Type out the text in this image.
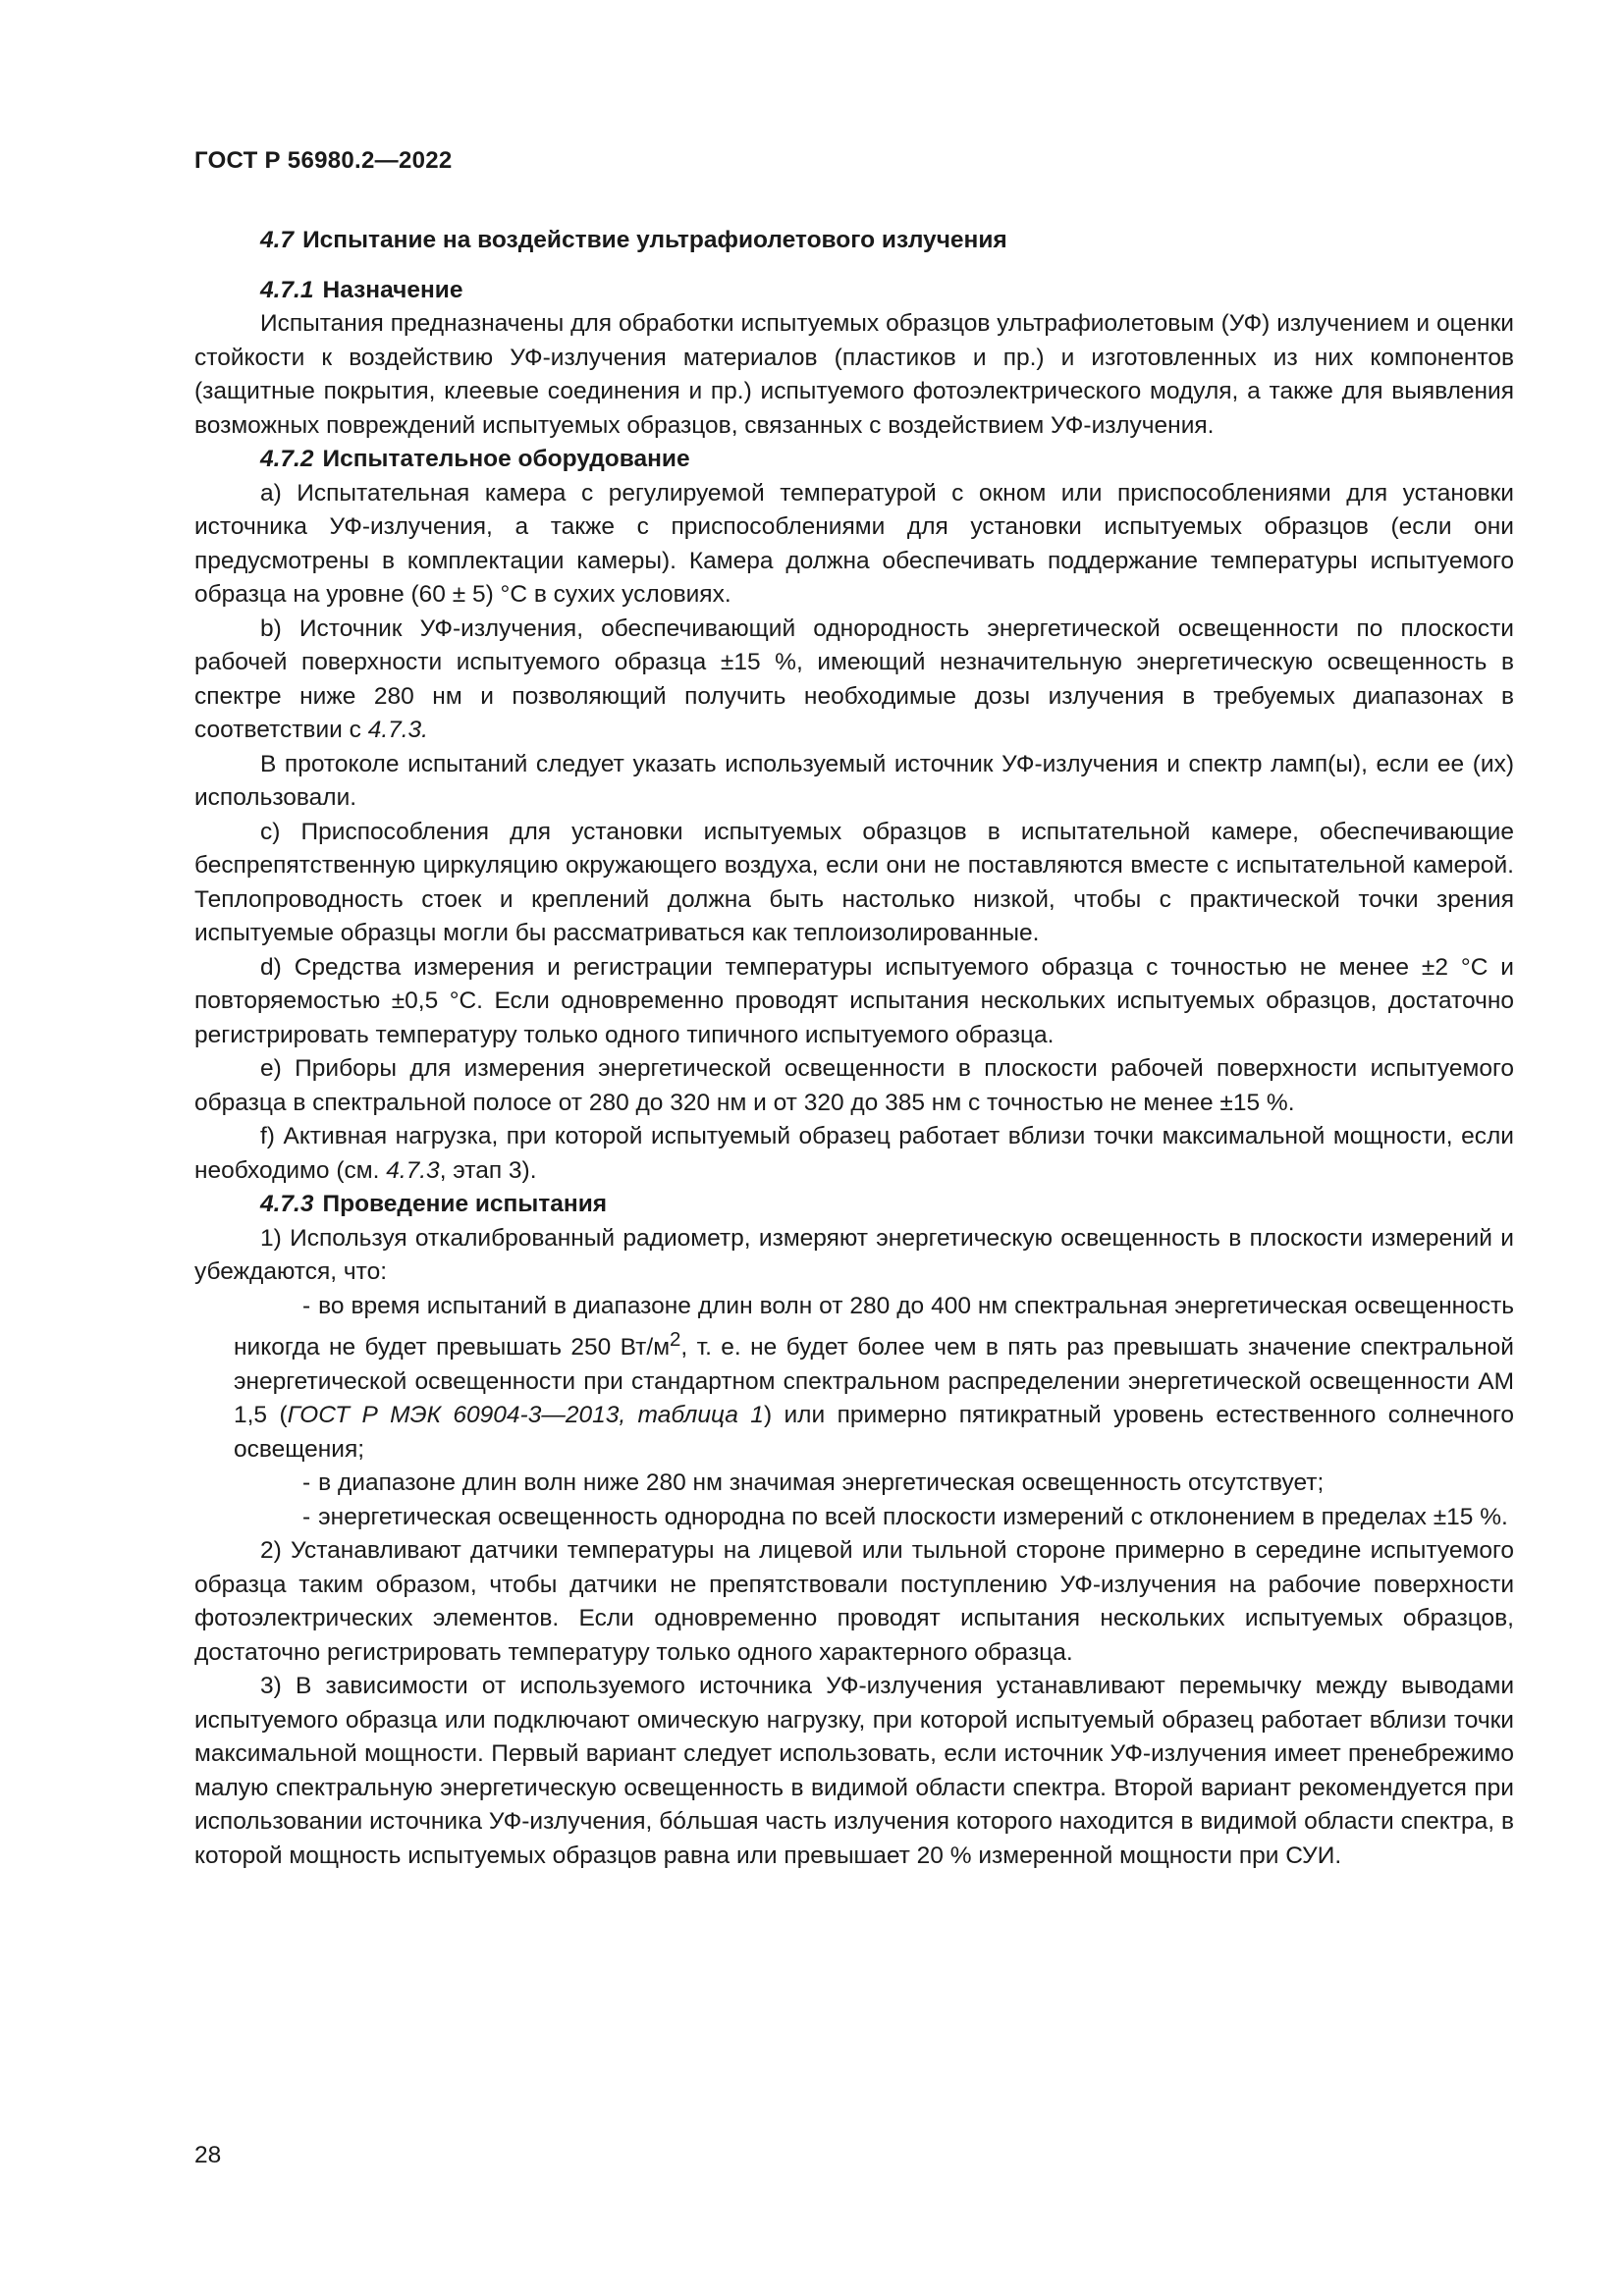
ГОСТ Р 56980.2—2022

4.7 Испытание на воздействие ультрафиолетового излучения

4.7.1 Назначение

Испытания предназначены для обработки испытуемых образцов ультрафиолетовым (УФ) излучением и оценки стойкости к воздействию УФ-излучения материалов (пластиков и пр.) и изготовленных из них компонентов (защитные покрытия, клеевые соединения и пр.) испытуемого фотоэлектрического модуля, а также для выявления возможных повреждений испытуемых образцов, связанных с воздействием УФ-излучения.

4.7.2 Испытательное оборудование

а) Испытательная камера с регулируемой температурой с окном или приспособлениями для установки источника УФ-излучения, а также с приспособлениями для установки испытуемых образцов (если они предусмотрены в комплектации камеры). Камера должна обеспечивать поддержание температуры испытуемого образца на уровне (60 ± 5) °С в сухих условиях.

b) Источник УФ-излучения, обеспечивающий однородность энергетической освещенности по плоскости рабочей поверхности испытуемого образца ±15 %, имеющий незначительную энергетическую освещенность в спектре ниже 280 нм и позволяющий получить необходимые дозы излучения в требуемых диапазонах в соответствии с 4.7.3.

В протоколе испытаний следует указать используемый источник УФ-излучения и спектр ламп(ы), если ее (их) использовали.

c) Приспособления для установки испытуемых образцов в испытательной камере, обеспечивающие беспрепятственную циркуляцию окружающего воздуха, если они не поставляются вместе с испытательной камерой. Теплопроводность стоек и креплений должна быть настолько низкой, чтобы с практической точки зрения испытуемые образцы могли бы рассматриваться как теплоизолированные.

d) Средства измерения и регистрации температуры испытуемого образца с точностью не менее ±2 °С и повторяемостью ±0,5 °С. Если одновременно проводят испытания нескольких испытуемых образцов, достаточно регистрировать температуру только одного типичного испытуемого образца.

е) Приборы для измерения энергетической освещенности в плоскости рабочей поверхности испытуемого образца в спектральной полосе от 280 до 320 нм и от 320 до 385 нм с точностью не менее ±15 %.

f) Активная нагрузка, при которой испытуемый образец работает вблизи точки максимальной мощности, если необходимо (см. 4.7.3, этап 3).

4.7.3 Проведение испытания

1) Используя откалиброванный радиометр, измеряют энергетическую освещенность в плоскости измерений и убеждаются, что:

- во время испытаний в диапазоне длин волн от 280 до 400 нм спектральная энергетическая освещенность никогда не будет превышать 250 $Вт/м^2$, т. е. не будет более чем в пять раз превышать значение спектральной энергетической освещенности при стандартном спектральном распределении энергетической освещенности АМ 1,5 (ГОСТ Р МЭК 60904-3—2013, таблица 1) или примерно пятикратный уровень естественного солнечного освещения;

- в диапазоне длин волн ниже 280 нм значимая энергетическая освещенность отсутствует;

- энергетическая освещенность однородна по всей плоскости измерений с отклонением в пределах ±15 %.

2) Устанавливают датчики температуры на лицевой или тыльной стороне примерно в середине испытуемого образца таким образом, чтобы датчики не препятствовали поступлению УФ-излучения на рабочие поверхности фотоэлектрических элементов. Если одновременно проводят испытания нескольких испытуемых образцов, достаточно регистрировать температуру только одного характерного образца.

3) В зависимости от используемого источника УФ-излучения устанавливают перемычку между выводами испытуемого образца или подключают омическую нагрузку, при которой испытуемый образец работает вблизи точки максимальной мощности. Первый вариант следует использовать, если источник УФ-излучения имеет пренебрежимо малую спектральную энергетическую освещенность в видимой области спектра. Второй вариант рекомендуется при использовании источника УФ-излучения, бóльшая часть излучения которого находится в видимой области спектра, в которой мощность испытуемых образцов равна или превышает 20 % измеренной мощности при СУИ.

28
